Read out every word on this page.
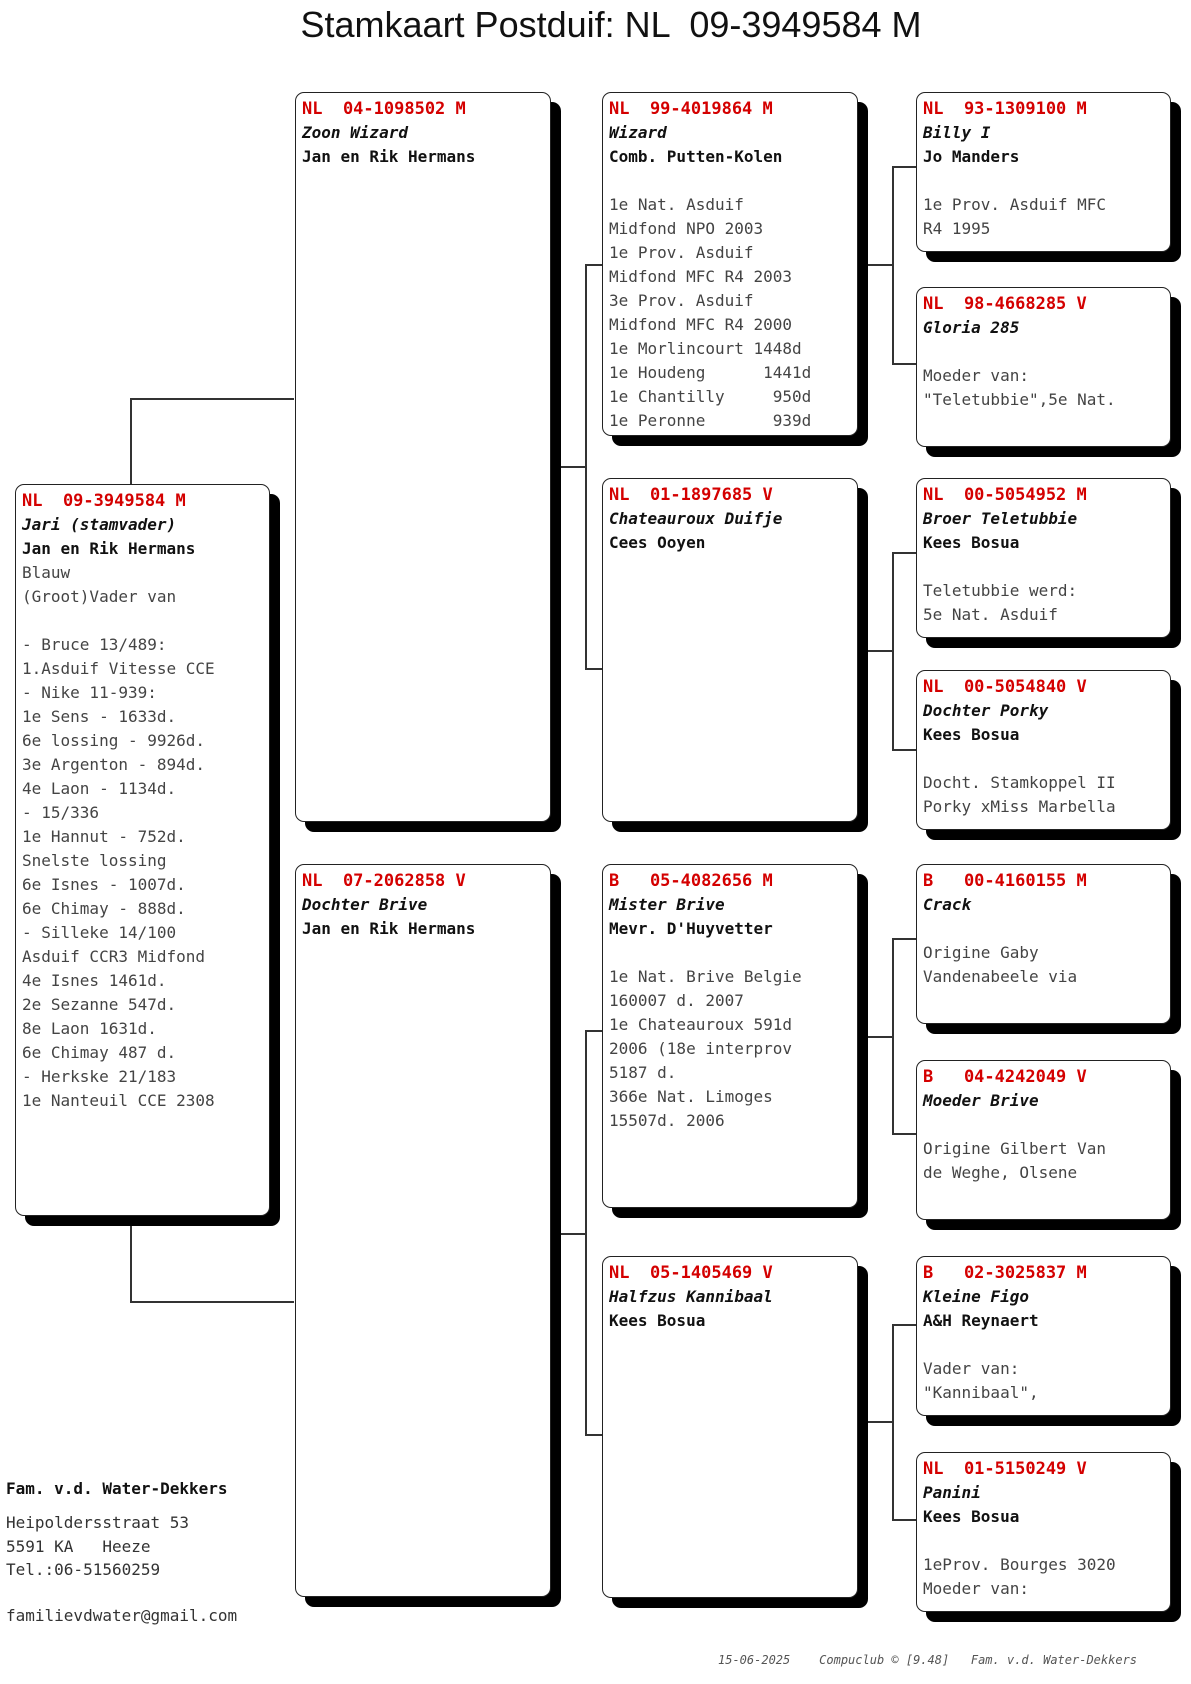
Stamkaart Postduif: NL  09-3949584 M
NL  09-3949584 M
Jari (stamvader)
Jan en Rik Hermans
Blauw
(Groot)Vader van

- Bruce 13/489:
1.Asduif Vitesse CCE
- Nike 11-939:
1e Sens - 1633d.
6e lossing - 9926d.
3e Argenton - 894d.
4e Laon - 1134d.
- 15/336
1e Hannut - 752d.
Snelste lossing
6e Isnes - 1007d.
6e Chimay - 888d.
- Silleke 14/100
Asduif CCR3 Midfond
4e Isnes 1461d.
2e Sezanne 547d.
8e Laon 1631d.
6e Chimay 487 d.
- Herkske 21/183
1e Nanteuil CCE 2308
NL  04-1098502 M
Zoon Wizard
Jan en Rik Hermans
NL  07-2062858 V
Dochter Brive
Jan en Rik Hermans
NL  99-4019864 M
Wizard
Comb. Putten-Kolen
1e Nat. Asduif
Midfond NPO 2003
1e Prov. Asduif
Midfond MFC R4 2003
3e Prov. Asduif
Midfond MFC R4 2000
1e Morlincourt 1448d
1e Houdeng      1441d
1e Chantilly     950d
1e Peronne       939d
NL  01-1897685 V
Chateauroux Duifje
Cees Ooyen
B   05-4082656 M
Mister Brive
Mevr. D'Huyvetter
1e Nat. Brive Belgie
160007 d. 2007
1e Chateauroux 591d
2006 (18e interprov
5187 d.
366e Nat. Limoges
15507d. 2006
NL  05-1405469 V
Halfzus Kannibaal
Kees Bosua
NL  93-1309100 M
Billy I
Jo Manders
1e Prov. Asduif MFC
R4 1995
NL  98-4668285 V
Gloria 285
Moeder van:
"Teletubbie",5e Nat.
NL  00-5054952 M
Broer Teletubbie
Kees Bosua
Teletubbie werd:
5e Nat. Asduif
NL  00-5054840 V
Dochter Porky
Kees Bosua
Docht. Stamkoppel II
Porky xMiss Marbella
B   00-4160155 M
Crack
Origine Gaby
Vandenabeele via
B   04-4242049 V
Moeder Brive
Origine Gilbert Van
de Weghe, Olsene
B   02-3025837 M
Kleine Figo
A&H Reynaert
Vader van:
"Kannibaal",
NL  01-5150249 V
Panini
Kees Bosua
1eProv. Bourges 3020
Moeder van:
Fam. v.d. Water-Dekkers
Heipoldersstraat 53
5591 KA   Heeze
Tel.:06-51560259
familievdwater@gmail.com
15-06-2025    Compuclub © [9.48]   Fam. v.d. Water-Dekkers
